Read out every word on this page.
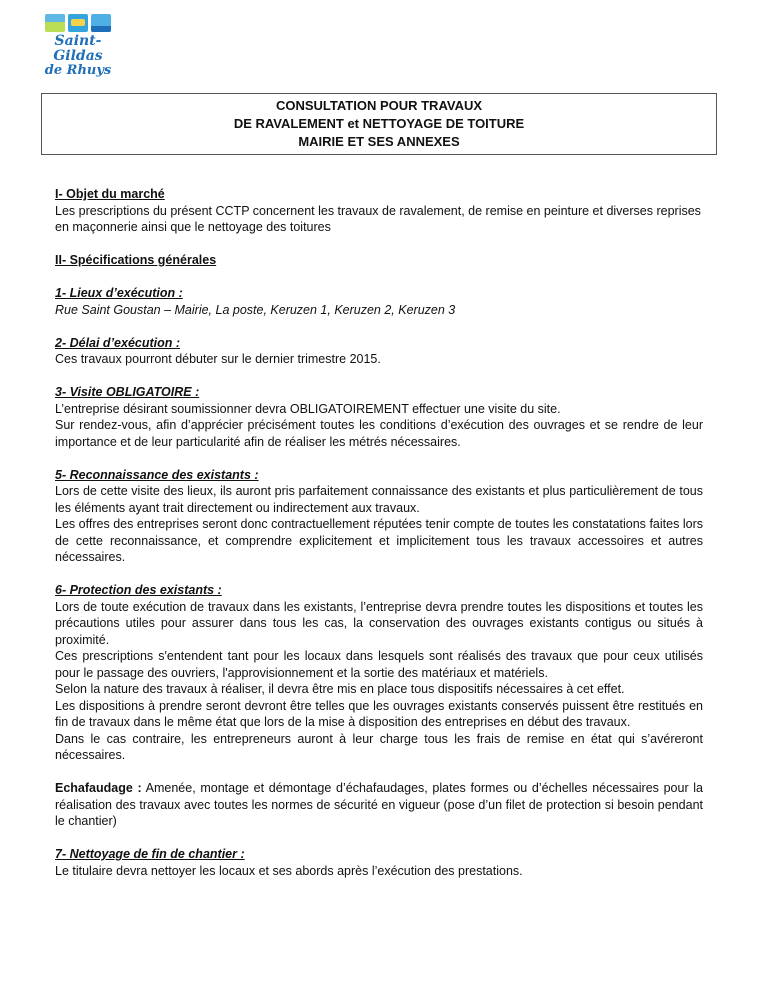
Saint-Gildas
de Rhuys
CONSULTATION POUR TRAVAUX
DE RAVALEMENT et NETTOYAGE DE TOITURE
MAIRIE ET SES ANNEXES

I- Objet du marché
Les prescriptions du présent CCTP concernent les travaux de ravalement, de remise en peinture et diverses reprises en maçonnerie ainsi que le nettoyage des toitures

II- Spécifications générales

1- Lieux d’exécution :
Rue Saint Goustan – Mairie, La poste, Keruzen 1, Keruzen 2, Keruzen 3

2- Délai d’exécution :
Ces travaux pourront débuter sur le dernier trimestre 2015.

3- Visite OBLIGATOIRE :
L’entreprise désirant soumissionner devra OBLIGATOIREMENT effectuer une visite du site.
Sur rendez-vous, afin d’apprécier précisément toutes les conditions d’exécution des ouvrages et se rendre de leur importance et de leur particularité afin de réaliser les métrés nécessaires.

5- Reconnaissance des existants :
Lors de cette visite des lieux, ils auront pris parfaitement connaissance des existants et plus particulièrement de tous les éléments ayant trait directement ou indirectement aux travaux.
Les offres des entreprises seront donc contractuellement réputées tenir compte de toutes les constatations faites lors de cette reconnaissance, et comprendre explicitement et implicitement tous les travaux accessoires et autres nécessaires.

6- Protection des existants :
Lors de toute exécution de travaux dans les existants, l’entreprise devra prendre toutes les dispositions et toutes les précautions utiles pour assurer dans tous les cas, la conservation des ouvrages existants contigus ou situés à proximité.
Ces prescriptions s'entendent tant pour les locaux dans lesquels sont réalisés des travaux que pour ceux utilisés pour le passage des ouvriers, l'approvisionnement et la sortie des matériaux et matériels.
Selon la nature des travaux à réaliser, il devra être mis en place tous dispositifs nécessaires à cet effet.
Les dispositions à prendre seront devront être telles que les ouvrages existants conservés puissent être restitués en fin de travaux dans le même état que lors de la mise à disposition des entreprises en début des travaux.
Dans le cas contraire, les entrepreneurs auront à leur charge tous les frais de remise en état qui s’avéreront nécessaires.

Echafaudage : Amenée, montage et démontage d’échafaudages, plates formes ou d’échelles nécessaires pour la réalisation des travaux avec toutes les normes de sécurité en vigueur (pose d’un filet de protection si besoin pendant le chantier)

7- Nettoyage de fin de chantier :
Le titulaire devra nettoyer les locaux et ses abords après l’exécution des prestations.
